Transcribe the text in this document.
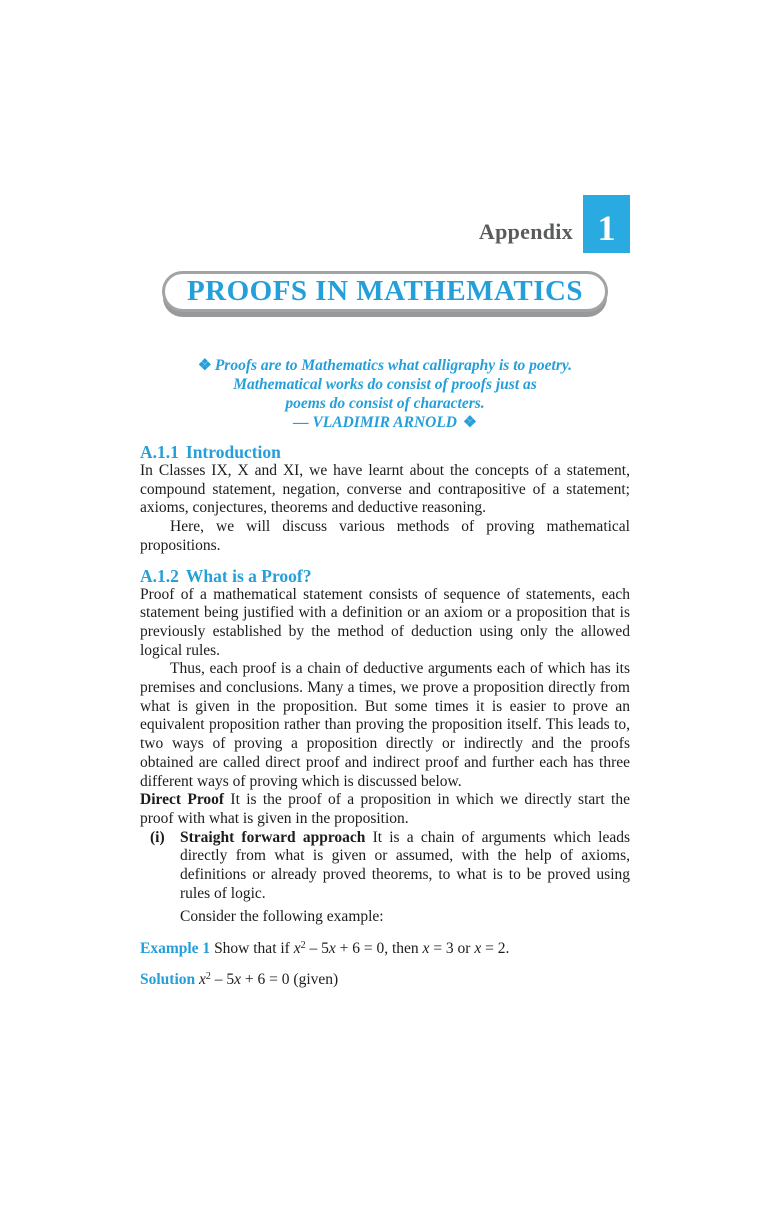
Appendix 1
PROOFS IN MATHEMATICS
❖ Proofs are to Mathematics what calligraphy is to poetry.
Mathematical works do consist of proofs just as
poems do consist of characters.
— VLADIMIR ARNOLD ❖
A.1.1 Introduction

In Classes IX, X and XI, we have learnt about the concepts of a statement, compound statement, negation, converse and contrapositive of a statement; axioms, conjectures, theorems and deductive reasoning.

Here, we will discuss various methods of proving mathematical propositions.

A.1.2 What is a Proof?

Proof of a mathematical statement consists of sequence of statements, each statement being justified with a definition or an axiom or a proposition that is previously established by the method of deduction using only the allowed logical rules.

Thus, each proof is a chain of deductive arguments each of which has its premises and conclusions. Many a times, we prove a proposition directly from what is given in the proposition. But some times it is easier to prove an equivalent proposition rather than proving the proposition itself. This leads to, two ways of proving a proposition directly or indirectly and the proofs obtained are called direct proof and indirect proof and further each has three different ways of proving which is discussed below.

Direct Proof It is the proof of a proposition in which we directly start the proof with what is given in the proposition.

(i) Straight forward approach It is a chain of arguments which leads directly from what is given or assumed, with the help of axioms, definitions or already proved theorems, to what is to be proved using rules of logic.

Consider the following example:

Example 1 Show that if $x^2 - 5x + 6 = 0$, then x = 3 or x = 2.

Solution $x^2 - 5x + 6 = 0$ (given)
